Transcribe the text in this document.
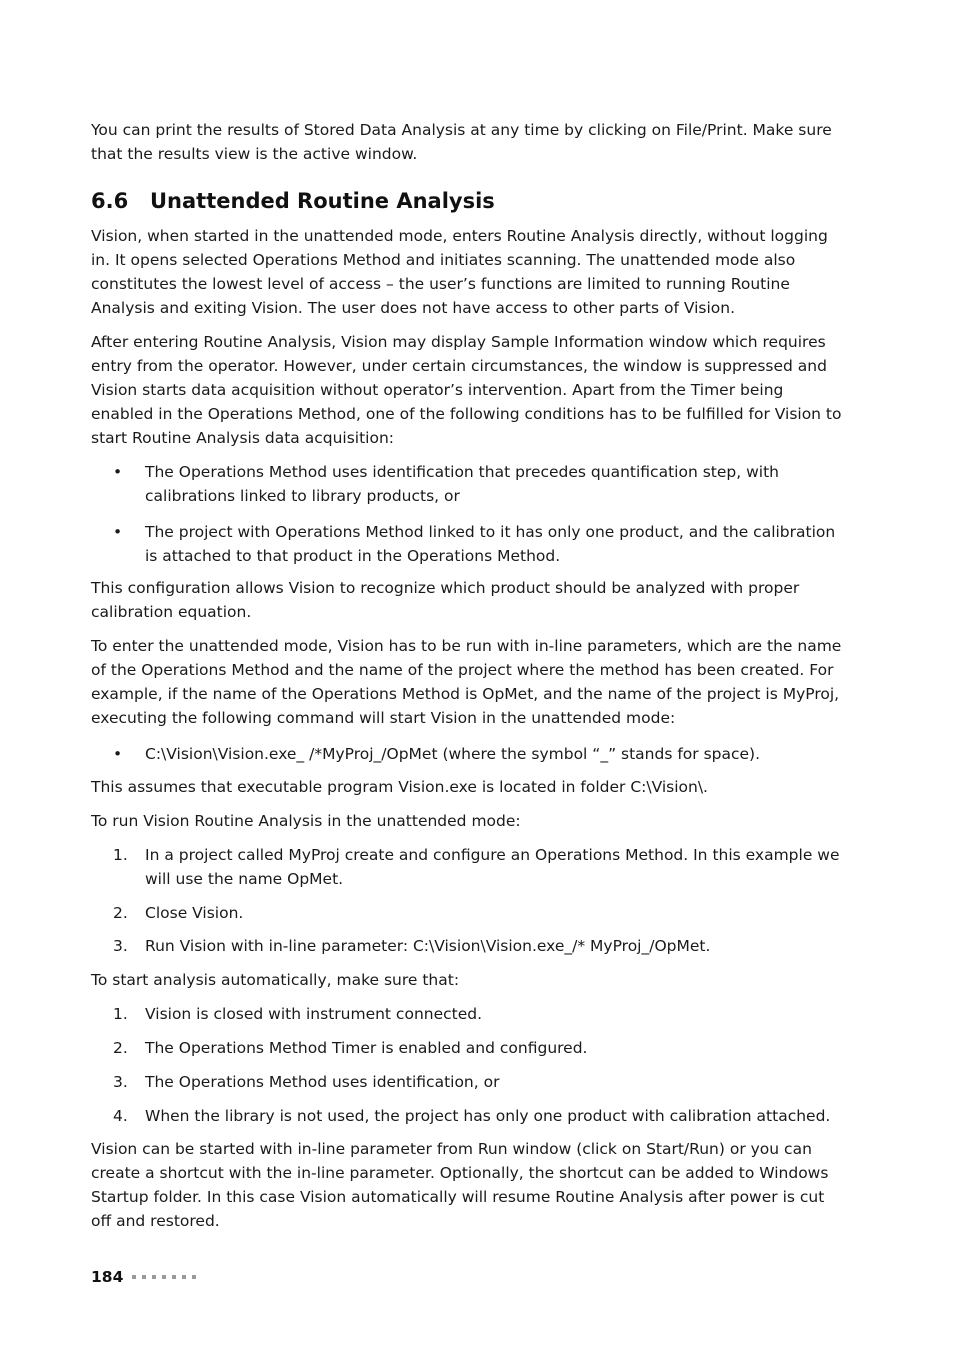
You can print the results of Stored Data Analysis at any time by clicking on File/Print. Make sure that the results view is the active window.

6.6 Unattended Routine Analysis

Vision, when started in the unattended mode, enters Routine Analysis directly, without logging in. It opens selected Operations Method and initiates scanning. The unattended mode also constitutes the lowest level of access – the user’s functions are limited to running Routine Analysis and exiting Vision. The user does not have access to other parts of Vision.

After entering Routine Analysis, Vision may display Sample Information window which requires entry from the operator. However, under certain circumstances, the window is suppressed and Vision starts data acquisition without operator’s intervention. Apart from the Timer being enabled in the Operations Method, one of the following conditions has to be fulfilled for Vision to start Routine Analysis data acquisition:

• The Operations Method uses identification that precedes quantification step, with calibrations linked to library products, or
• The project with Operations Method linked to it has only one product, and the calibration is attached to that product in the Operations Method.

This configuration allows Vision to recognize which product should be analyzed with proper calibration equation.

To enter the unattended mode, Vision has to be run with in-line parameters, which are the name of the Operations Method and the name of the project where the method has been created. For example, if the name of the Operations Method is OpMet, and the name of the project is MyProj, executing the following command will start Vision in the unattended mode:

• C:\Vision\Vision.exe_ /*MyProj_/OpMet (where the symbol “_” stands for space).

This assumes that executable program Vision.exe is located in folder C:\Vision\.

To run Vision Routine Analysis in the unattended mode:

1. In a project called MyProj create and configure an Operations Method. In this example we will use the name OpMet.
2. Close Vision.
3. Run Vision with in-line parameter: C:\Vision\Vision.exe_/* MyProj_/OpMet.

To start analysis automatically, make sure that:

1. Vision is closed with instrument connected.
2. The Operations Method Timer is enabled and configured.
3. The Operations Method uses identification, or
4. When the library is not used, the project has only one product with calibration attached.

Vision can be started with in-line parameter from Run window (click on Start/Run) or you can create a shortcut with the in-line parameter. Optionally, the shortcut can be added to Windows Startup folder. In this case Vision automatically will resume Routine Analysis after power is cut off and restored.

184
